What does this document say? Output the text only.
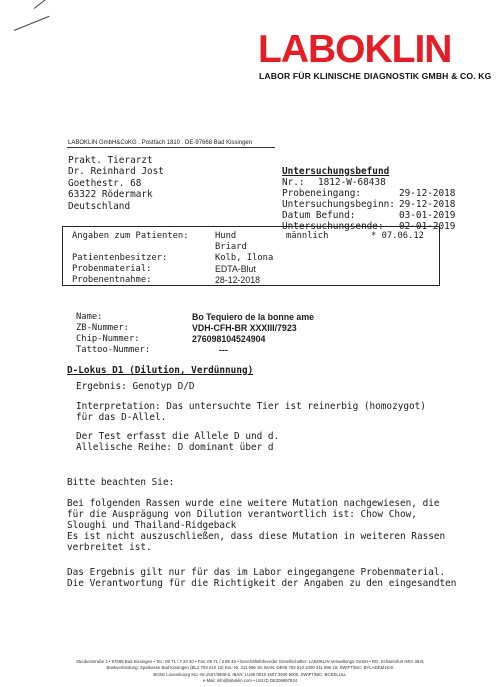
LABOKLIN
LABOR FÜR KLINISCHE DIAGNOSTIK GMBH & CO. KG
LABOKLIN GmbH&CoKG . Postfach 1810 . DE-97668 Bad Kissingen
Prakt. Tierarzt
Dr. Reinhard Jost
Goethestr. 68
63322 Rödermark
Deutschland
Untersuchungsbefund
Nr.: 1812-W-68438
Probeneingang:	29-12-2018
Untersuchungsbeginn: 29-12-2018
Datum Befund:	03-01-2019
Untersuchungsende: 02-01-2019
Angaben zum Patienten:	Hund	männlich	* 07.06.12
Briard
Patientenbesitzer:	Kolb, Ilona
Probenmaterial:	EDTA-Blut
Probenentnahme:	28-12-2018
Name:	Bo Tequiero de la bonne ame
ZB-Nummer:	VDH-CFH-BR XXXIII/7923
Chip-Nummer:	276098104524904
Tattoo-Nummer:	---
D-Lokus D1 (Dilution, Verdünnung)
Ergebnis: Genotyp D/D
Interpretation: Das untersuchte Tier ist reinerbig (homozygot)
für das D-Allel.
Der Test erfasst die Allele D und d.
Allelische Reihe: D dominant über d
Bitte beachten Sie:
Bei folgenden Rassen wurde eine weitere Mutation nachgewiesen, die
für die Ausprägung von Dilution verantwortlich ist: Chow Chow,
Sloughi und Thailand-Ridgeback
Es ist nicht auszuschließen, dass diese Mutation in weiteren Rassen
verbreitet ist.
Das Ergebnis gilt nur für das im Labor eingegangene Probenmaterial.
Die Verantwortung für die Richtigkeit der Angaben zu den eingesandten
Steubenstraße 4 • 97688 Bad Kissingen • Tel.: 09 71 / 7 20 20 • Fax: 09 71 / 6 85 46 • Geschäftsführender Gesellschafter: LABOKLIN Verwaltungs-GmbH • RG. Schweinfurt HRA 3631
Bankverbindung: Sparkasse Bad Kissingen (BLZ 793 510 10) Kto.-Nr. 311 596 19, IBAN: DE09 793 510 1000 311 596 19, SWIFT/BIC: BYLADEM1KIS
BCEE Luxembourg Kto.-Nr.1507/3600-5, IBAN: LU95 0019 1507 3600 5000, SWIFT/BIC: BCEELULL
e-Mail: info@laboklin.com • USt.ID DE206897824
